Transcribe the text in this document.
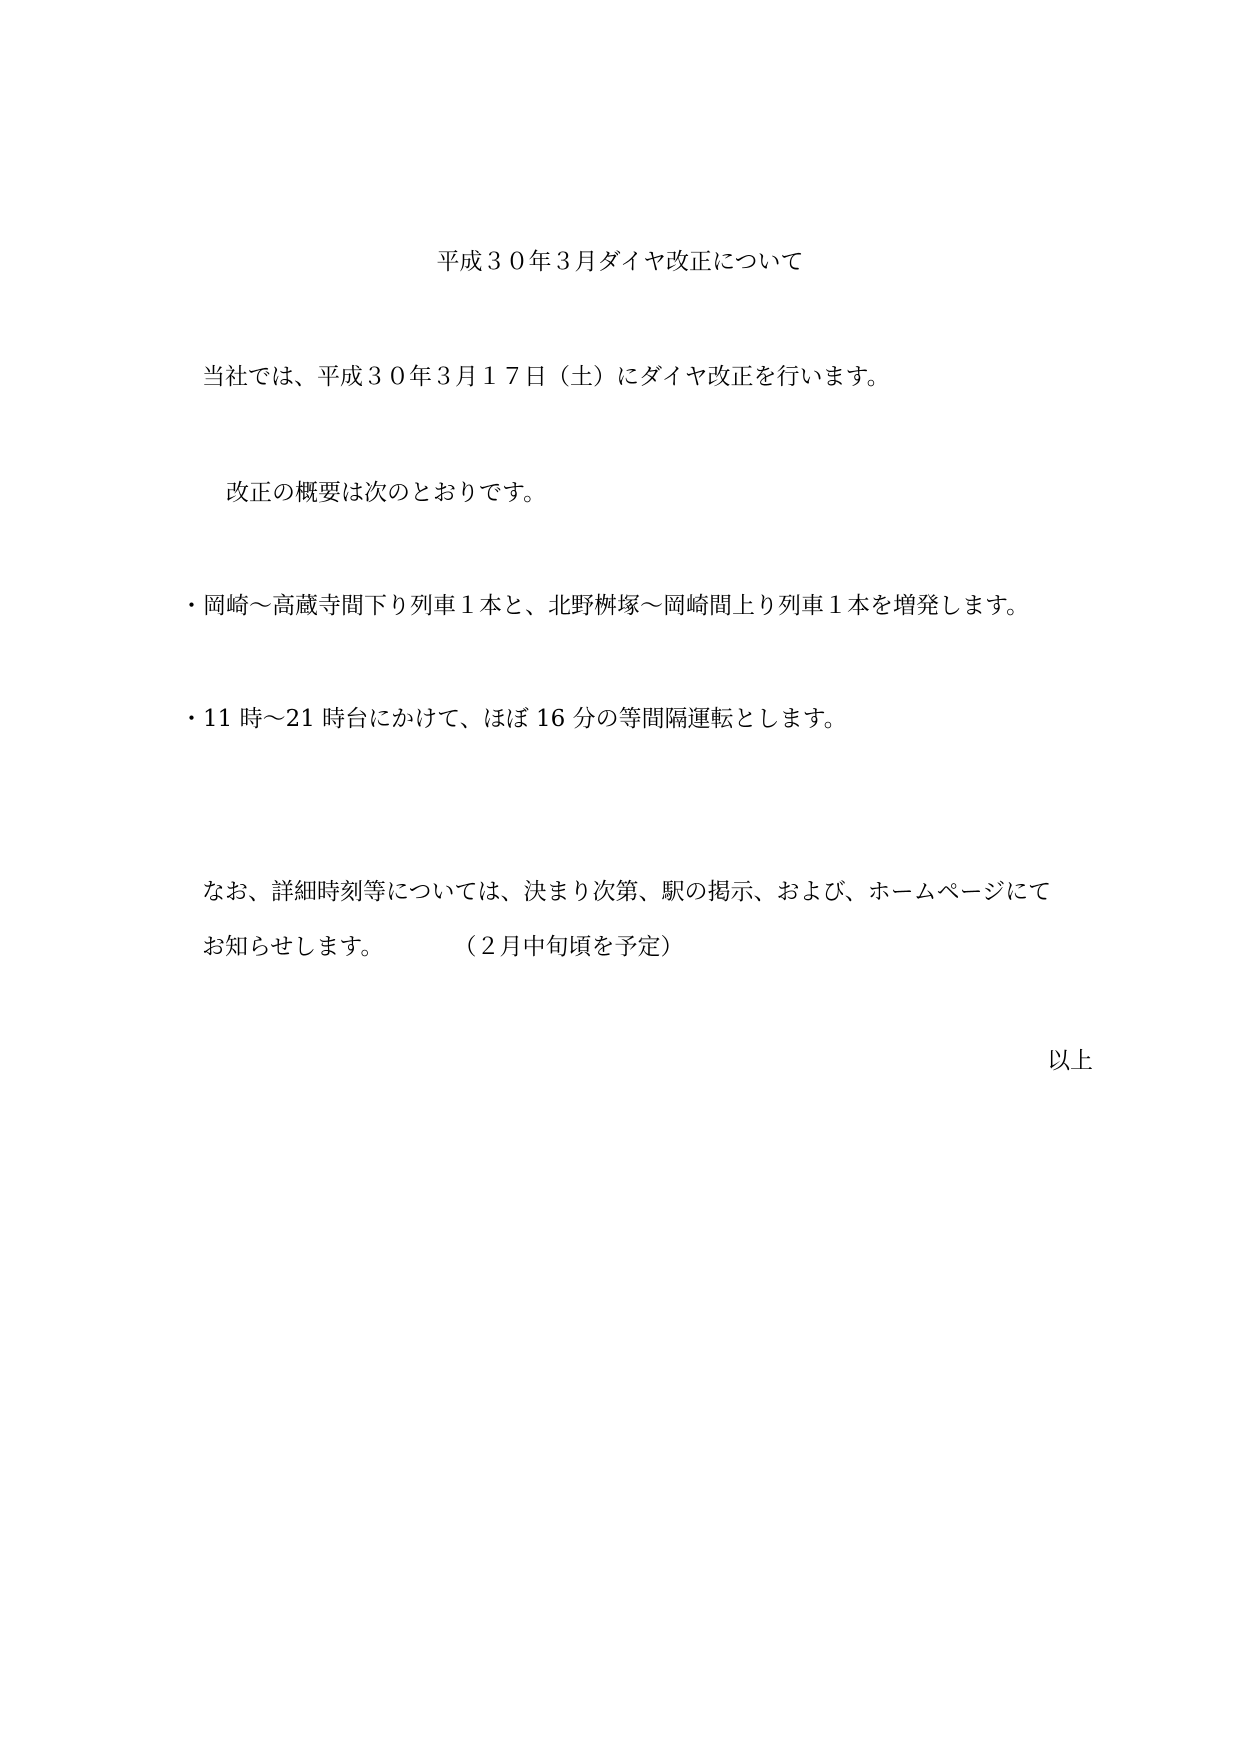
平成３０年３月ダイヤ改正について
当社では、平成３０年３月１７日（土）にダイヤ改正を行います。
改正の概要は次のとおりです。
・岡崎～高蔵寺間下り列車１本と、北野桝塚～岡崎間上り列車１本を増発します。
・11 時～21 時台にかけて、ほぼ 16 分の等間隔運転とします。
なお、詳細時刻等については、決まり次第、駅の掲示、および、ホームページにて
お知らせします。	（２月中旬頃を予定）
以上
